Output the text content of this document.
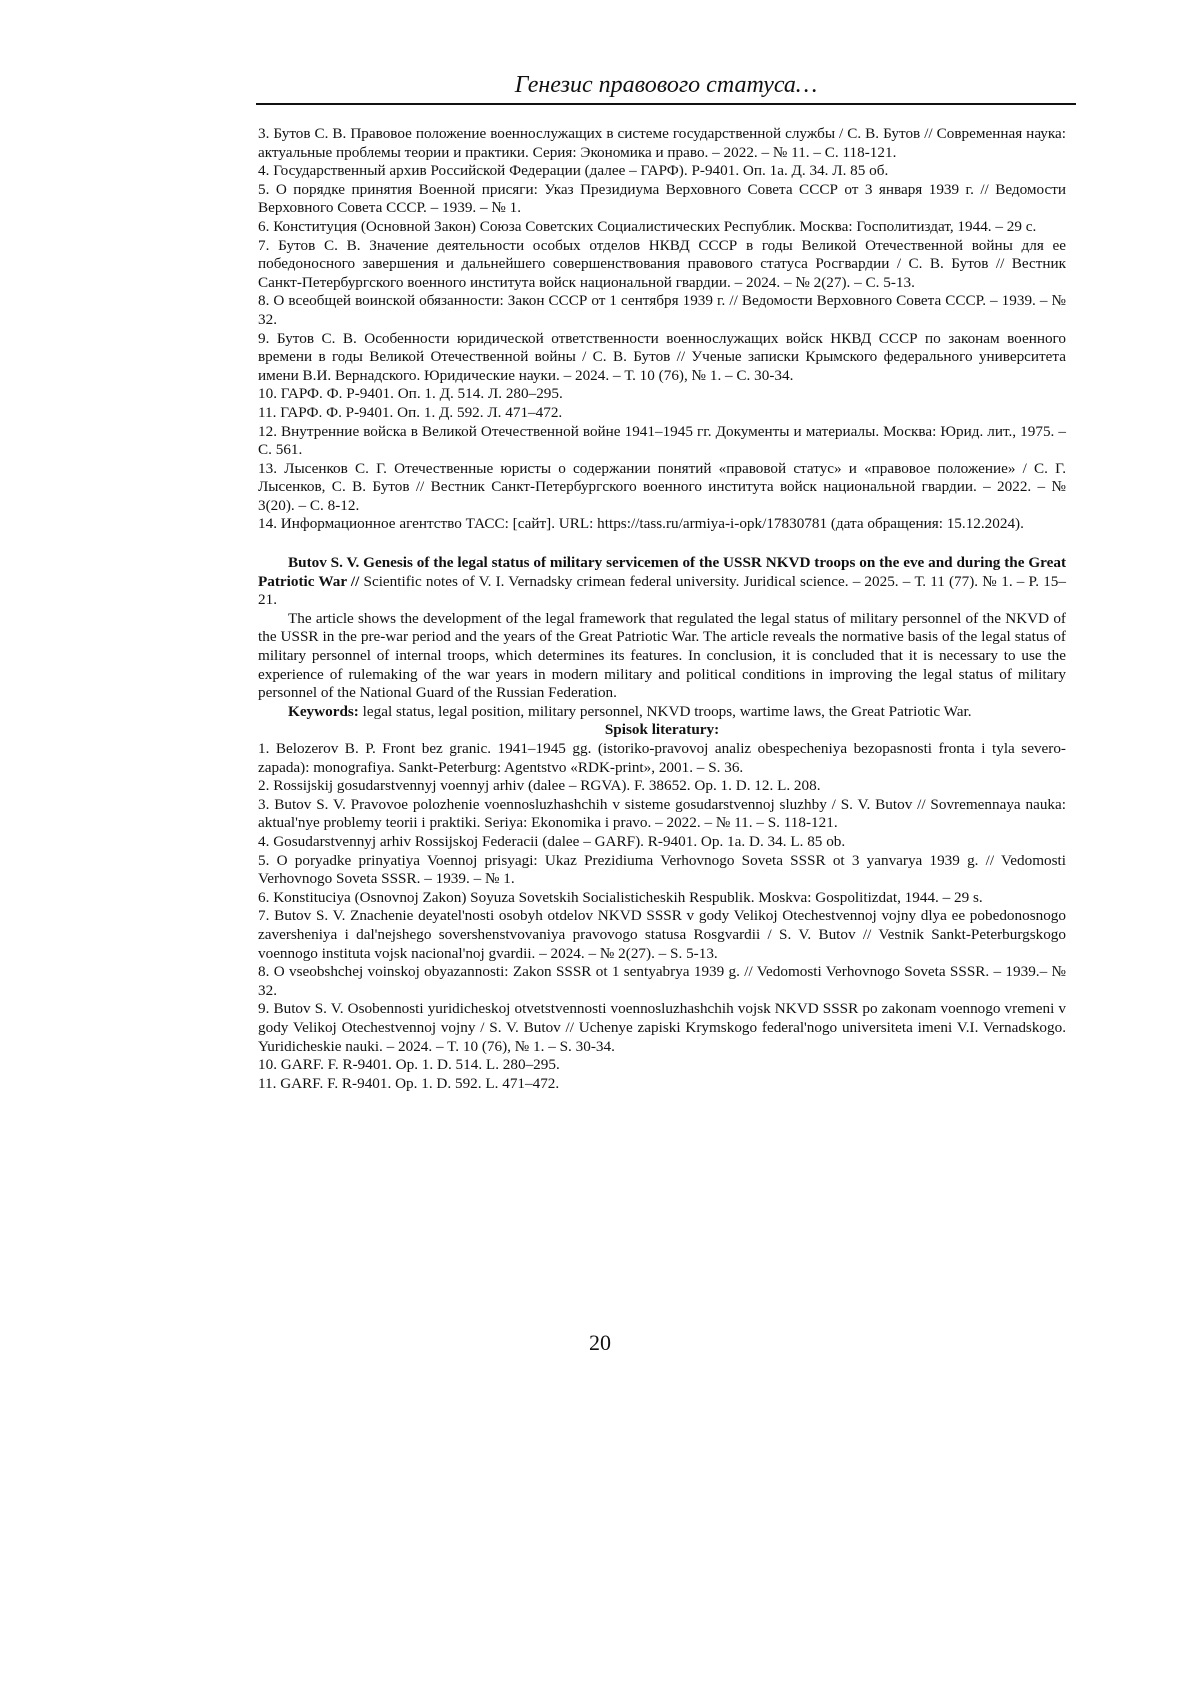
Генезис правового статуса…

3. Бутов С. В. Правовое положение военнослужащих в системе государственной службы / С. В. Бутов // Современная наука: актуальные проблемы теории и практики. Серия: Экономика и право. – 2022. – № 11. – С. 118-121.

4. Государственный архив Российской Федерации (далее – ГАРФ). Р-9401. Оп. 1а. Д. 34. Л. 85 об.

5. О порядке принятия Военной присяги: Указ Президиума Верховного Совета СССР от 3 января 1939 г. // Ведомости Верховного Совета СССР. – 1939. – № 1.

6. Конституция (Основной Закон) Союза Советских Социалистических Республик. Москва: Госполитиздат, 1944. – 29 с.

7. Бутов С. В. Значение деятельности особых отделов НКВД СССР в годы Великой Отечественной войны для ее победоносного завершения и дальнейшего совершенствования правового статуса Росгвардии / С. В. Бутов // Вестник Санкт-Петербургского военного института войск национальной гвардии. – 2024. – № 2(27). – С. 5-13.

8. О всеобщей воинской обязанности: Закон СССР от 1 сентября 1939 г. // Ведомости Верховного Совета СССР. – 1939. – № 32.

9. Бутов С. В. Особенности юридической ответственности военнослужащих войск НКВД СССР по законам военного времени в годы Великой Отечественной войны / С. В. Бутов // Ученые записки Крымского федерального университета имени В.И. Вернадского. Юридические науки. – 2024. – Т. 10 (76), № 1. – С. 30-34.

10. ГАРФ. Ф. Р-9401. Оп. 1. Д. 514. Л. 280–295.

11. ГАРФ. Ф. Р-9401. Оп. 1. Д. 592. Л. 471–472.

12. Внутренние войска в Великой Отечественной войне 1941–1945 гг. Документы и материалы. Москва: Юрид. лит., 1975. – С. 561.

13. Лысенков С. Г. Отечественные юристы о содержании понятий «правовой статус» и «правовое положение» / С. Г. Лысенков, С. В. Бутов // Вестник Санкт-Петербургского военного института войск национальной гвардии. – 2022. – № 3(20). – С. 8-12.

14. Информационное агентство ТАСС: [сайт]. URL: https://tass.ru/armiya-i-opk/17830781 (дата обращения: 15.12.2024).

Butov S. V. Genesis of the legal status of military servicemen of the USSR NKVD troops on the eve and during the Great Patriotic War // Scientific notes of V. I. Vernadsky crimean federal university. Juridical science. – 2025. – Т. 11 (77). № 1. – P. 15–21.

The article shows the development of the legal framework that regulated the legal status of military personnel of the NKVD of the USSR in the pre-war period and the years of the Great Patriotic War. The article reveals the normative basis of the legal status of military personnel of internal troops, which determines its features. In conclusion, it is concluded that it is necessary to use the experience of rulemaking of the war years in modern military and political conditions in improving the legal status of military personnel of the National Guard of the Russian Federation.

Keywords: legal status, legal position, military personnel, NKVD troops, wartime laws, the Great Patriotic War.

Spisok literatury:

1. Belozerov B. P. Front bez granic. 1941–1945 gg. (istoriko-pravovoj analiz obespecheniya bezopasnosti fronta i tyla severo-zapada): monografiya. Sankt-Peterburg: Agentstvo «RDK-print», 2001. – S. 36.

2. Rossijskij gosudarstvennyj voennyj arhiv (dalee – RGVA). F. 38652. Op. 1. D. 12. L. 208.

3. Butov S. V. Pravovoe polozhenie voennosluzhashchih v sisteme gosudarstvennoj sluzhby / S. V. Butov // Sovremennaya nauka: aktual'nye problemy teorii i praktiki. Seriya: Ekonomika i pravo. – 2022. – № 11. – S. 118-121.

4. Gosudarstvennyj arhiv Rossijskoj Federacii (dalee – GARF). R-9401. Op. 1a. D. 34. L. 85 ob.

5. O poryadke prinyatiya Voennoj prisyagi: Ukaz Prezidiuma Verhovnogo Soveta SSSR ot 3 yanvarya 1939 g. // Vedomosti Verhovnogo Soveta SSSR. – 1939. – № 1.

6. Konstituciya (Osnovnoj Zakon) Soyuza Sovetskih Socialisticheskih Respublik. Moskva: Gospolitizdat, 1944. – 29 s.

7. Butov S. V. Znachenie deyatel'nosti osobyh otdelov NKVD SSSR v gody Velikoj Otechestvennoj vojny dlya ee pobedonosnogo zavershenіya i dal'nejshego sovershenstvovaniya pravovogo statusa Rosgvardii / S. V. Butov // Vestnik Sankt-Peterburgskogo voennogo instituta vojsk nacional'noj gvardii. – 2024. – № 2(27). – S. 5-13.

8. O vseobshchej voinskoj obyazannosti: Zakon SSSR ot 1 sentyabrya 1939 g. // Vedomosti Verhovnogo Soveta SSSR. – 1939.– № 32.

9. Butov S. V. Osobennosti yuridicheskoj otvetstvennosti voennosluzhashchih vojsk NKVD SSSR po zakonam voennogo vremeni v gody Velikoj Otechestvennoj vojny / S. V. Butov // Uchenye zapiski Krymskogo federal'nogo universiteta imeni V.I. Vernadskogo. Yuridicheskie nauki. – 2024. – T. 10 (76), № 1. – S. 30-34.

10. GARF. F. R-9401. Op. 1. D. 514. L. 280–295.

11. GARF. F. R-9401. Op. 1. D. 592. L. 471–472.

20
